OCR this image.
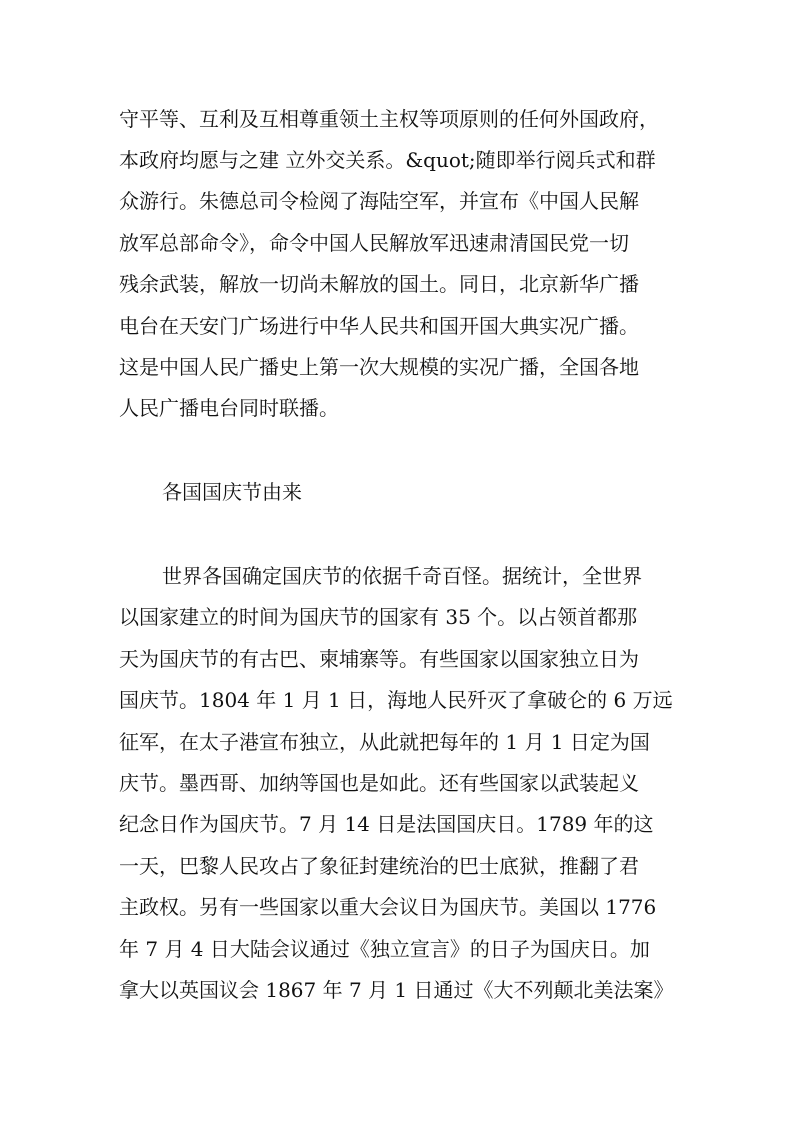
守平等、互利及互相尊重领土主权等项原则的任何外国政府，
本政府均愿与之建 立外交关系。&quot;随即举行阅兵式和群
众游行。朱德总司令检阅了海陆空军，并宣布《中国人民解
放军总部命令》，命令中国人民解放军迅速肃清国民党一切
残余武装，解放一切尚未解放的国土。同日，北京新华广播
电台在天安门广场进行中华人民共和国开国大典实况广播。
这是中国人民广播史上第一次大规模的实况广播，全国各地
人民广播电台同时联播。
各国国庆节由来
世界各国确定国庆节的依据千奇百怪。据统计，全世界
以国家建立的时间为国庆节的国家有 35 个。以占领首都那
天为国庆节的有古巴、柬埔寨等。有些国家以国家独立日为
国庆节。1804 年 1 月 1 日，海地人民歼灭了拿破仑的 6 万远
征军，在太子港宣布独立，从此就把每年的 1 月 1 日定为国
庆节。墨西哥、加纳等国也是如此。还有些国家以武装起义
纪念日作为国庆节。7 月 14 日是法国国庆日。1789 年的这
一天，巴黎人民攻占了象征封建统治的巴士底狱，推翻了君
主政权。另有一些国家以重大会议日为国庆节。美国以 1776
年 7 月 4 日大陆会议通过《独立宣言》的日子为国庆日。加
拿大以英国议会 1867 年 7 月 1 日通过《大不列颠北美法案》
